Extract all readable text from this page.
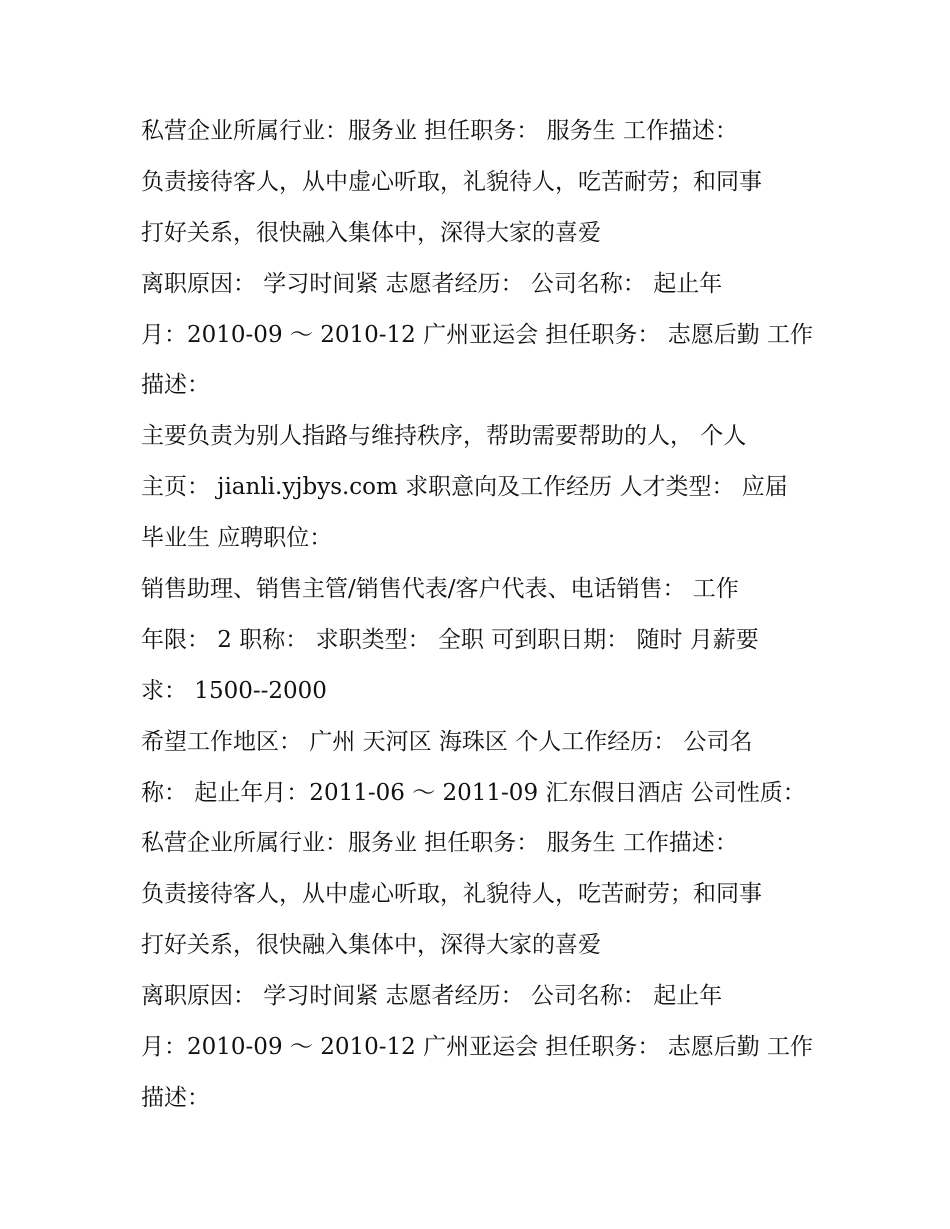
私营企业所属行业：服务业 担任职务： 服务生 工作描述：
负责接待客人，从中虚心听取，礼貌待人，吃苦耐劳；和同事
打好关系，很快融入集体中，深得大家的喜爱
离职原因： 学习时间紧 志愿者经历： 公司名称： 起止年
月：2010-09 ～ 2010-12 广州亚运会 担任职务： 志愿后勤 工作
描述：
主要负责为别人指路与维持秩序，帮助需要帮助的人， 个人
主页： jianli.yjbys.com 求职意向及工作经历 人才类型： 应届
毕业生 应聘职位：
销售助理、销售主管/销售代表/客户代表、电话销售： 工作
年限： 2 职称： 求职类型： 全职 可到职日期： 随时 月薪要
求： 1500--2000
希望工作地区： 广州 天河区 海珠区 个人工作经历： 公司名
称： 起止年月：2011-06 ～ 2011-09 汇东假日酒店 公司性质：
私营企业所属行业：服务业 担任职务： 服务生 工作描述：
负责接待客人，从中虚心听取，礼貌待人，吃苦耐劳；和同事
打好关系，很快融入集体中，深得大家的喜爱
离职原因： 学习时间紧 志愿者经历： 公司名称： 起止年
月：2010-09 ～ 2010-12 广州亚运会 担任职务： 志愿后勤 工作
描述：
